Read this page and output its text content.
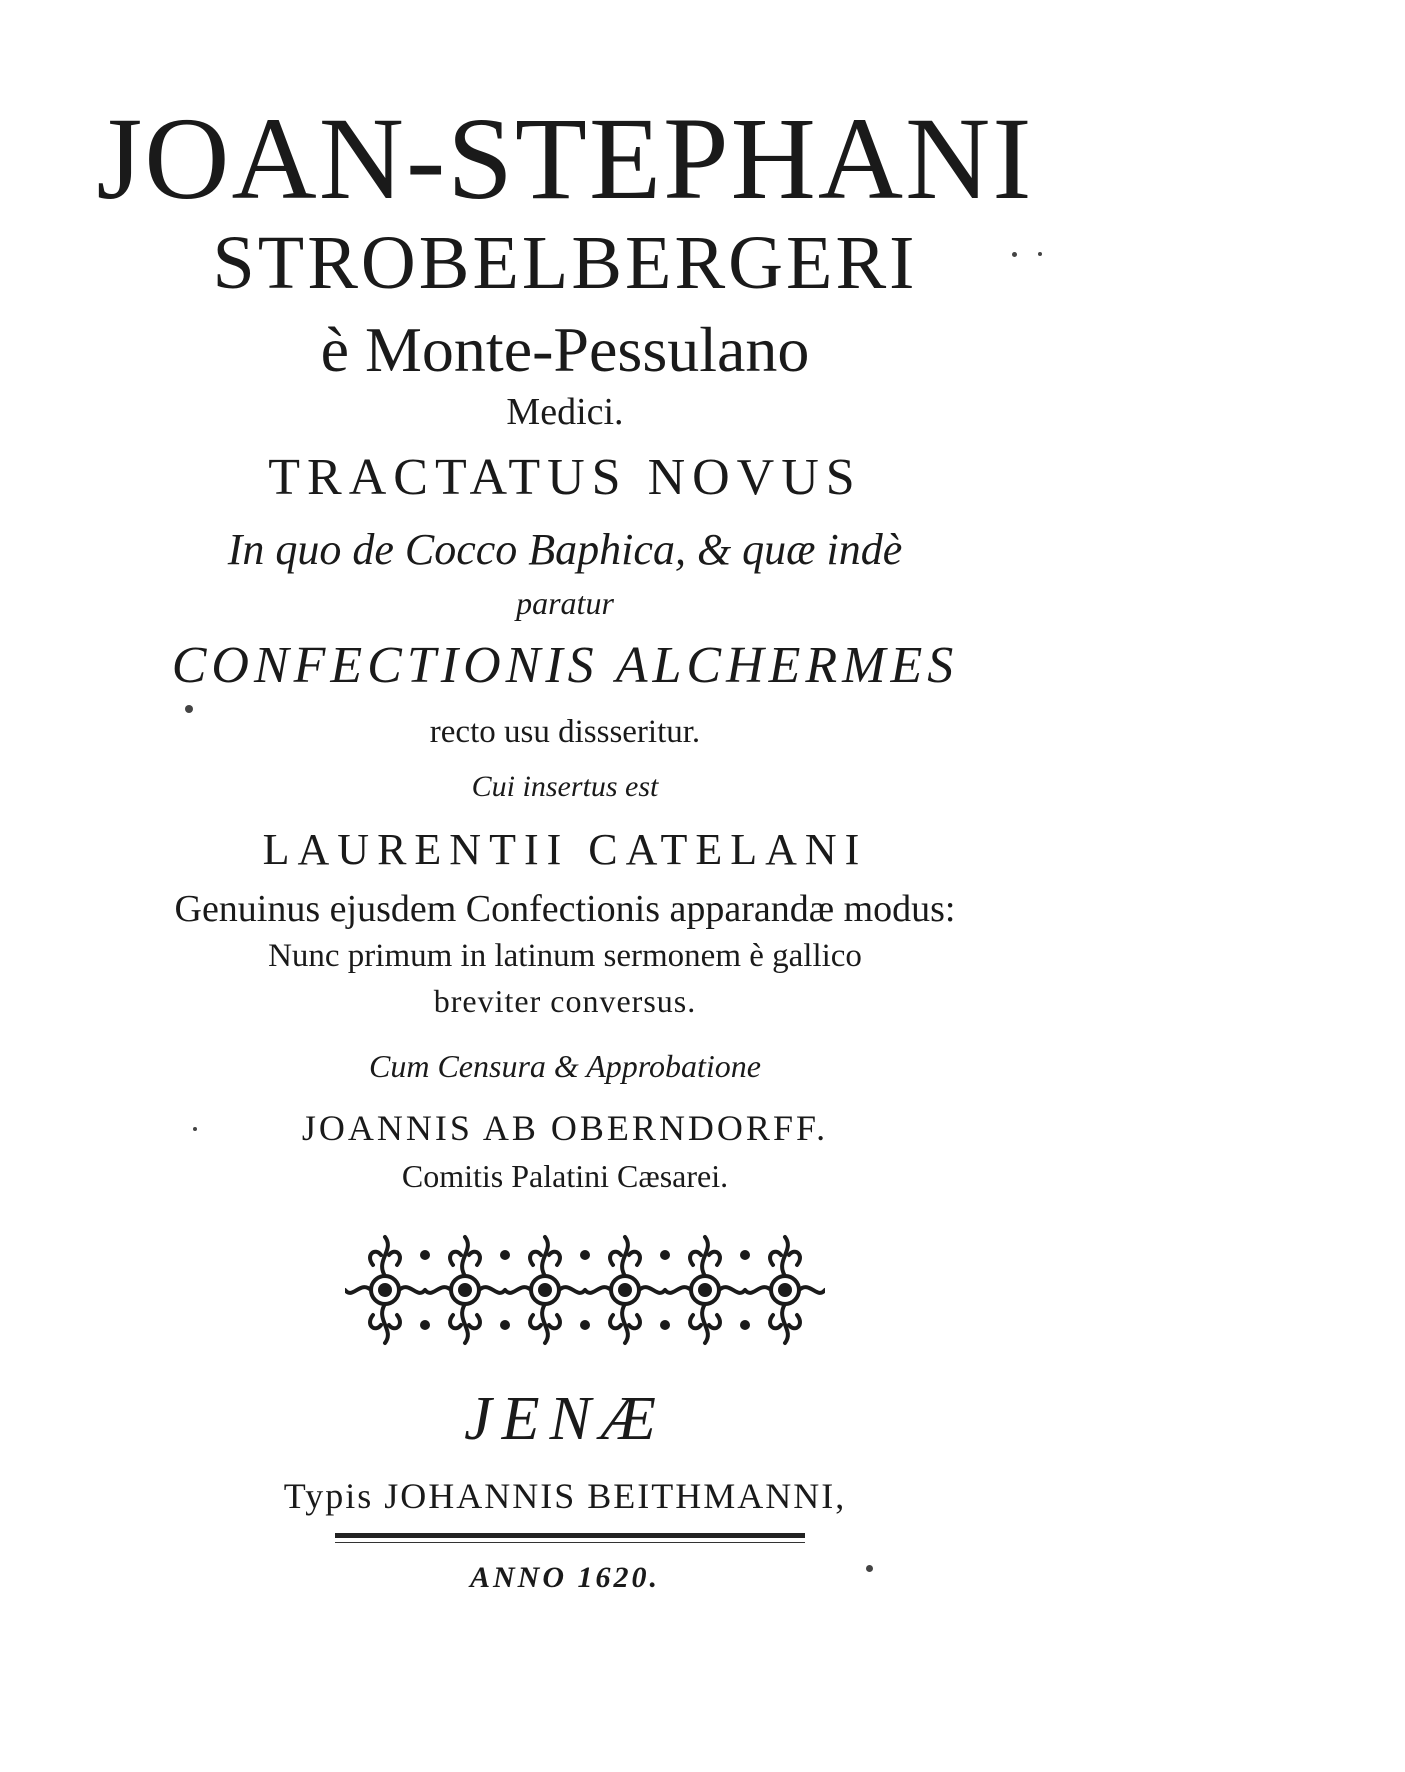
JOAN-STEPHANI
STROBELBERGERI
è Monte-Pessulano
Medici.
TRACTATUS NOVUS
In quo de Cocco Baphica, & quæ indè
paratur
CONFECTIONIS ALCHERMES
recto usu dissseritur.
Cui insertus est
LAURENTII CATELANI
Genuinus ejusdem Confectionis apparandæ modus:
Nunc primum in latinum sermonem è gallico
breviter conversus.
Cum Censura & Approbatione
JOANNIS AB OBERNDORFF.
Comitis Palatini Cæsarei.
JENÆ
Typis JOHANNIS BEITHMANNI,
ANNO 1620.
